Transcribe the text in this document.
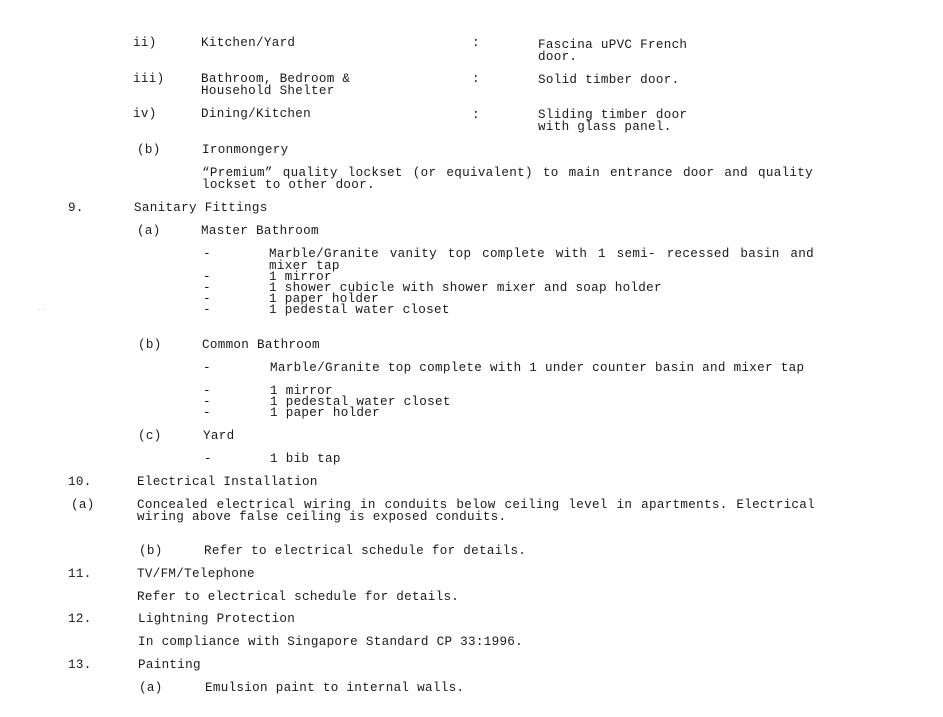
ii)	Kitchen/Yard	:	Fascina uPVC French
door.
iii)	Bathroom, Bedroom &
Household Shelter
:	Solid timber door.
iv)	Dining/Kitchen	:	Sliding timber door
with glass panel.
(b)	Ironmongery
“Premium” quality lockset (or equivalent) to main entrance door and quality lockset to other door.
9.	Sanitary Fittings
(a)	Master Bathroom
-	Marble/Granite vanity top complete with 1 semi- recessed basin and mixer tap
-	1 mirror
-	1 shower cubicle with shower mixer and soap holder
-	1 paper holder
-	1 pedestal water closet
(b)	Common Bathroom
-	Marble/Granite top complete with 1 under counter basin and mixer tap
-	1 mirror
-	1 pedestal water closet
-	1 paper holder
(c)	Yard
-	1 bib tap
10.	Electrical Installation
(a)	Concealed electrical wiring in conduits below ceiling level in apartments. Electrical wiring above false ceiling is exposed conduits.
(b)	Refer to electrical schedule for details.
11.	TV/FM/Telephone
Refer to electrical schedule for details.
12.	Lightning Protection
In compliance with Singapore Standard CP 33:1996.
13.	Painting
(a)	Emulsion paint to internal walls.
..
